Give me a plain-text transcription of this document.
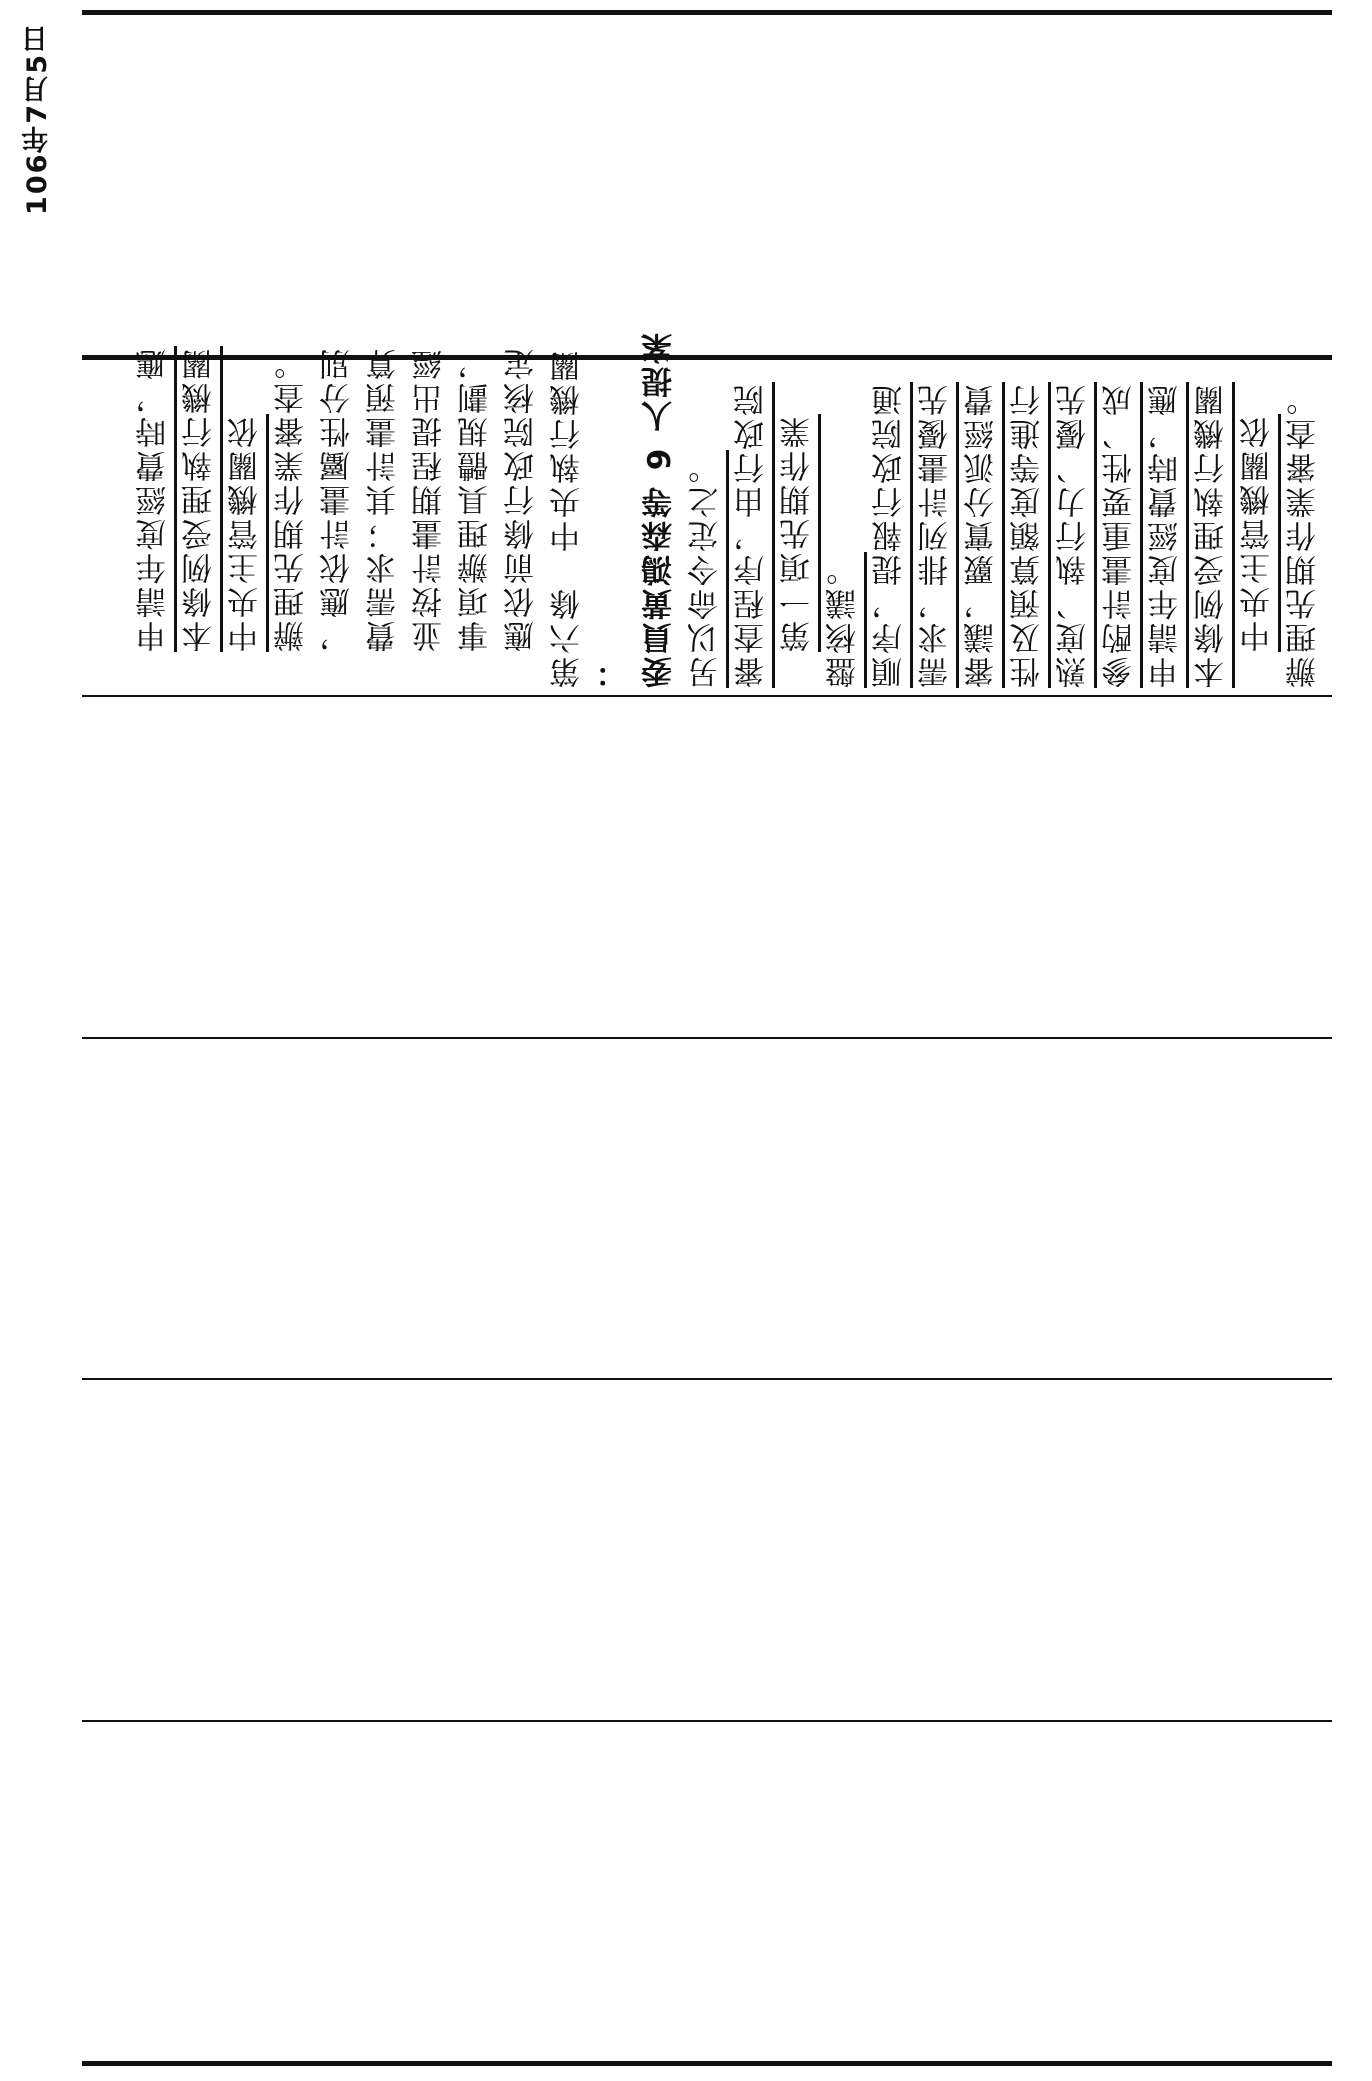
106年7月5日
辦理先期作業審查。
中央主管機關依
本條例受理執行機關
申請年度經費時，應
參酌計畫重要性、成
熟度、執行力、優先
性及預算額度等進行
審議，覈實分派經費
需求，排列計畫優先
順序，提報行政院通
盤核議。
第一項先期作業
審查程序，由行政院
另以命令定之。
委員黃鴻森等 9 人提案
：
第六條　中央執行機關
應依前條行政院核定
事項辦理具體規劃，
並按計畫期程提出經
費需求；其計畫預算
，應依計畫屬性分別
辦理先期作業審查。
中央主管機關依
本條例受理執行機關
申請年度經費時，應
